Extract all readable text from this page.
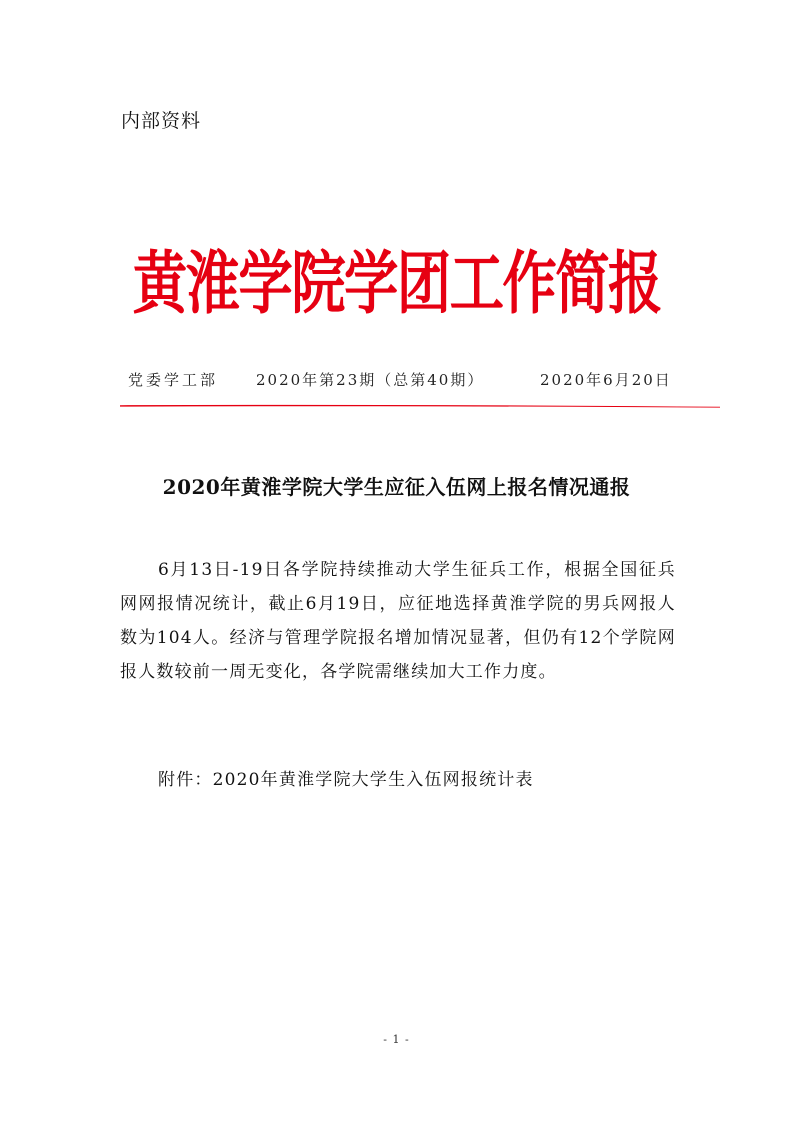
内部资料
黄淮学院学团工作简报
党委学工部	2020年第23期（总第40期）	2020年6月20日
2020年黄淮学院大学生应征入伍网上报名情况通报

6月13日-19日各学院持续推动大学生征兵工作，根据全国征兵网网报情况统计，截止6月19日，应征地选择黄淮学院的男兵网报人数为104人。经济与管理学院报名增加情况显著，但仍有12个学院网报人数较前一周无变化，各学院需继续加大工作力度。

附件：2020年黄淮学院大学生入伍网报统计表
- 1 -
